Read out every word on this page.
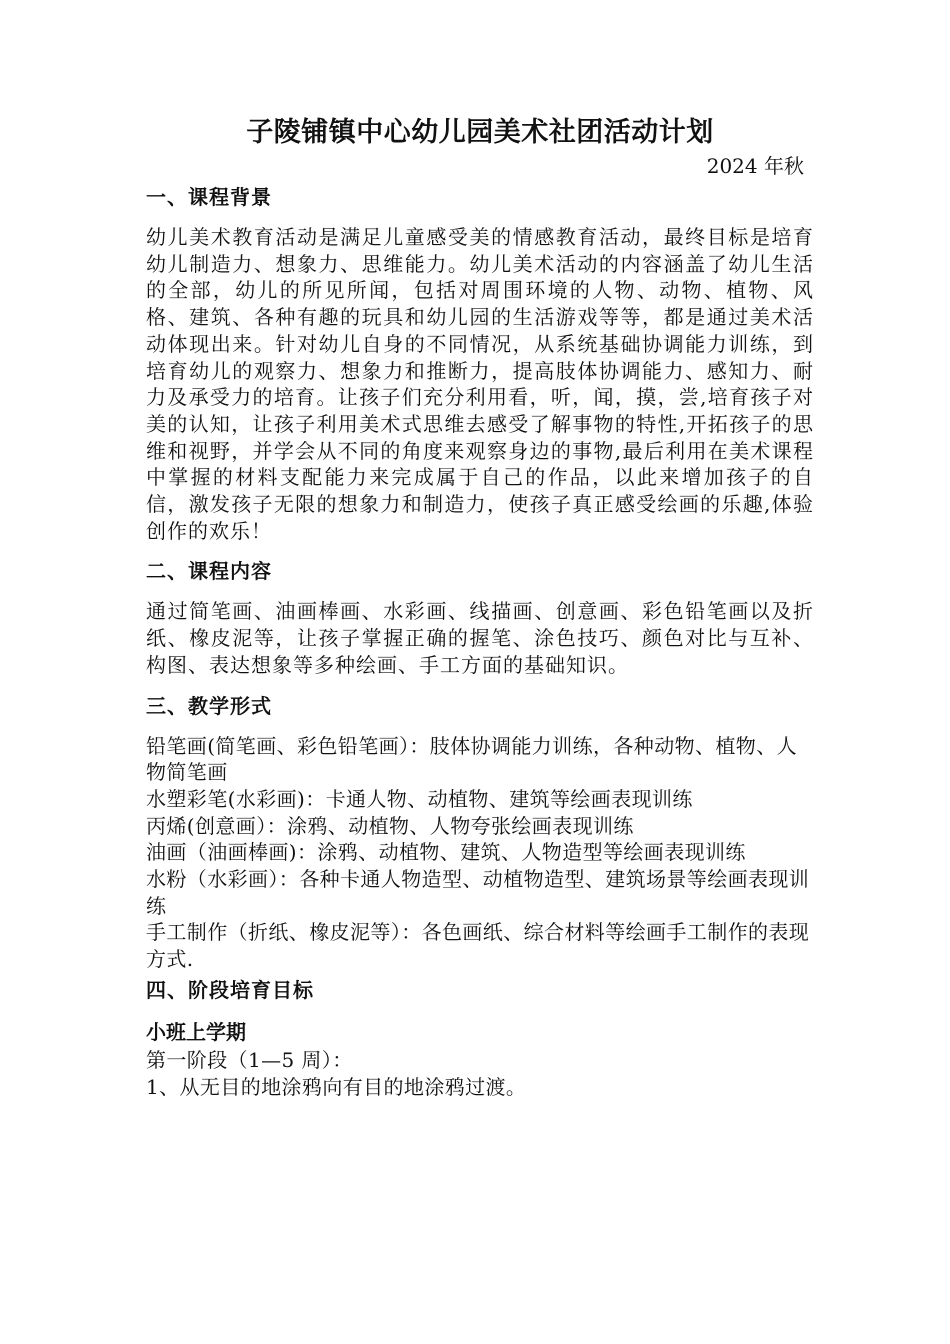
子陵铺镇中心幼儿园美术社团活动计划
2024 年秋
一、课程背景

幼儿美术教育活动是满足儿童感受美的情感教育活动，最终目标是培育幼儿制造力、想象力、思维能力。幼儿美术活动的内容涵盖了幼儿生活的全部，幼儿的所见所闻，包括对周围环境的人物、动物、植物、风格、建筑、各种有趣的玩具和幼儿园的生活游戏等等，都是通过美术活动体现出来。针对幼儿自身的不同情况，从系统基础协调能力训练，到培育幼儿的观察力、想象力和推断力，提高肢体协调能力、感知力、耐力及承受力的培育。让孩子们充分利用看，听，闻，摸，尝,培育孩子对美的认知，让孩子利用美术式思维去感受了解事物的特性,开拓孩子的思维和视野，并学会从不同的角度来观察身边的事物,最后利用在美术课程中掌握的材料支配能力来完成属于自己的作品，以此来增加孩子的自信，激发孩子无限的想象力和制造力，使孩子真正感受绘画的乐趣,体验创作的欢乐！

二、课程内容

通过简笔画、油画棒画、水彩画、线描画、创意画、彩色铅笔画以及折纸、橡皮泥等，让孩子掌握正确的握笔、涂色技巧、颜色对比与互补、构图、表达想象等多种绘画、手工方面的基础知识。

三、教学形式

铅笔画(简笔画、彩色铅笔画）：肢体协调能力训练，各种动物、植物、人物简笔画

水塑彩笔(水彩画)：卡通人物、动植物、建筑等绘画表现训练

丙烯(创意画）：涂鸦、动植物、人物夸张绘画表现训练

油画（油画棒画)：涂鸦、动植物、建筑、人物造型等绘画表现训练

水粉（水彩画）：各种卡通人物造型、动植物造型、建筑场景等绘画表现训练

手工制作（折纸、橡皮泥等）：各色画纸、综合材料等绘画手工制作的表现方式.

四、阶段培育目标
小班上学期

第一阶段（1—5 周）：

1、从无目的地涂鸦向有目的地涂鸦过渡。
